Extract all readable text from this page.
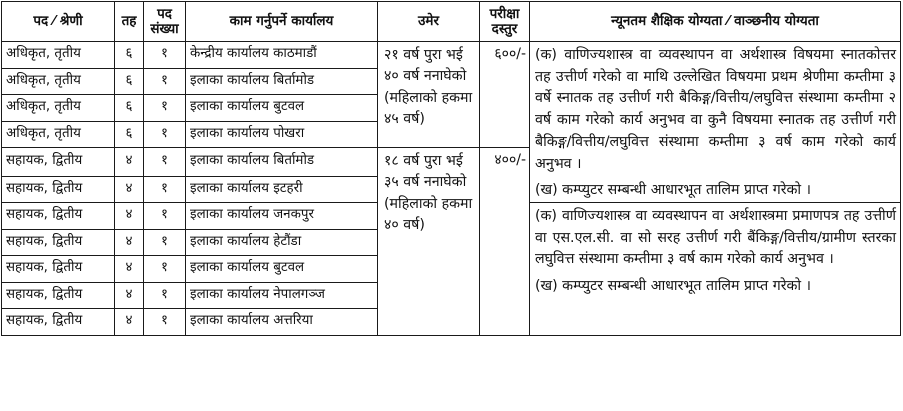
पद ⁄ श्रेणी	तह	पद
संख्या	काम गर्नुपर्ने कार्यालय	उमेर	परीक्षा
दस्तुर	न्यूनतम शैक्षिक योग्यता ⁄ वाञ्छनीय योग्यता
अधिकृत, तृतीय	६	१	केन्द्रीय कार्यालय काठमाडौं	२१ वर्ष पुरा भई ४० वर्ष ननाघेको (महिलाको हकमा ४५ वर्ष)	६००/-	(क) वाणिज्यशास्त्र वा व्यवस्थापन वा अर्थशास्त्र विषयमा स्नातकोत्तर तह उत्तीर्ण गरेको वा माथि उल्लेखित विषयमा प्रथम श्रेणीमा कम्तीमा ३ वर्षे स्नातक तह उत्तीर्ण गरी बैकिङ्ग/वित्तीय/लघुवित्त संस्थामा कम्तीमा २ वर्ष काम गरेको कार्य अनुभव वा कुनै विषयमा स्नातक तह उत्तीर्ण गरी बैकिङ्ग/वित्तीय/लघुवित्त संस्थामा कम्तीमा ३ वर्ष काम गरेको कार्य अनुभव ।

(ख) कम्प्युटर सम्बन्धी आधारभूत तालिम प्राप्त गरेको ।

अधिकृत, तृतीय	६	१	इलाका कार्यालय बिर्तामोड			
अधिकृत, तृतीय	६	१	इलाका कार्यालय बुटवल			
अधिकृत, तृतीय	६	१	इलाका कार्यालय पोखरा			
सहायक, द्वितीय	४	१	इलाका कार्यालय बिर्तामोड	१८ वर्ष पुरा भई ३५ वर्ष ननाघेको (महिलाको हकमा ४० वर्ष)	४००/-	
सहायक, द्वितीय	४	१	इलाका कार्यालय इटहरी			
सहायक, द्वितीय	४	१	इलाका कार्यालय जनकपुर			(क) वाणिज्यशास्त्र वा व्यवस्थापन वा अर्थशास्त्रमा प्रमाणपत्र तह उत्तीर्ण वा एस.एल.सी. वा सो सरह उत्तीर्ण गरी बैंकिङ्ग/वित्तीय/ग्रामीण स्तरका लघुवित्त संस्थामा कम्तीमा ३ वर्ष काम गरेको कार्य अनुभव ।

(ख) कम्प्युटर सम्बन्धी आधारभूत तालिम प्राप्त गरेको ।

सहायक, द्वितीय	४	१	इलाका कार्यालय हेटौंडा			
सहायक, द्वितीय	४	१	इलाका कार्यालय बुटवल			
सहायक, द्वितीय	४	१	इलाका कार्यालय नेपालगञ्ज			
सहायक, द्वितीय	४	१	इलाका कार्यालय अत्तरिया			
